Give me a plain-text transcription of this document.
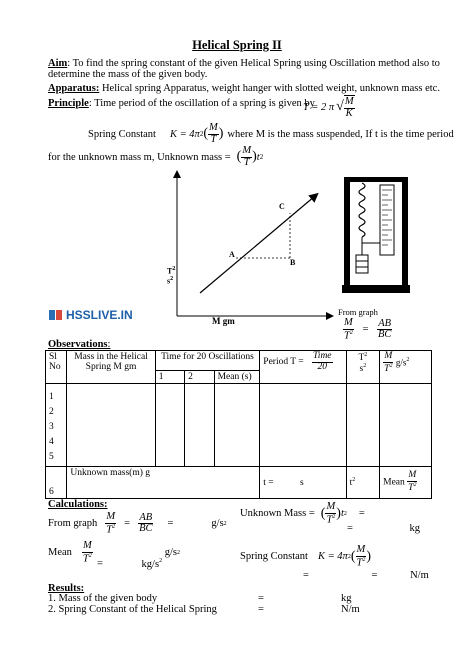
Helical Spring II
Aim: To find the spring constant of the given Helical Spring using Oscillation method also to
determine the mass of the given body.
Apparatus: Helical spring Apparatus, weight hanger with slotted weight, unknown mass etc.
Principle: Time period of the oscillation of a spring is given by
T = 2 π √ $\frac{M}{K}$
Spring Constant K = 4π 2 ( $\frac{M}{T}$ ) where M is the mass suspended, If t is the time period
for the unknown mass m, Unknown mass = ( $\frac{M}{T}$ ) t 2
A
B
C
$T^2$
$s^2$
M gm
HSSLIVE.IN	From graph
$\frac{M}{T^2} = \frac{AB}{BC}$
Observations:
Sl No	Mass in the Helical Spring M gm	Time for 20 Oscillations			Period $T = \frac{\text{Time}}{20}$	$T^2$
$s^2$	$\frac{M}{T^2} g/s^2$
		1	2	Mean (s)			

1
2
3
4
5							

6	Unknown mass(m) g				t = s	$t^2$	Mean $\frac{M}{T^2}$
Calculations:
From graph $\frac{M}{T^2} = \frac{AB}{BC}$ =	g/s 2
Mean $\frac{M}{T^2}$	g/s 2
=	$kg/s^2$
Unknown Mass = ( $\frac{M}{T^2}$ ) t 2 =
=	kg
Spring Constant K = 4π 2 ( $\frac{M}{T^2}$ )
=	=	N/m
Results:
1. Mass of the given body	=	kg
2. Spring Constant of the Helical Spring	=	N/m
